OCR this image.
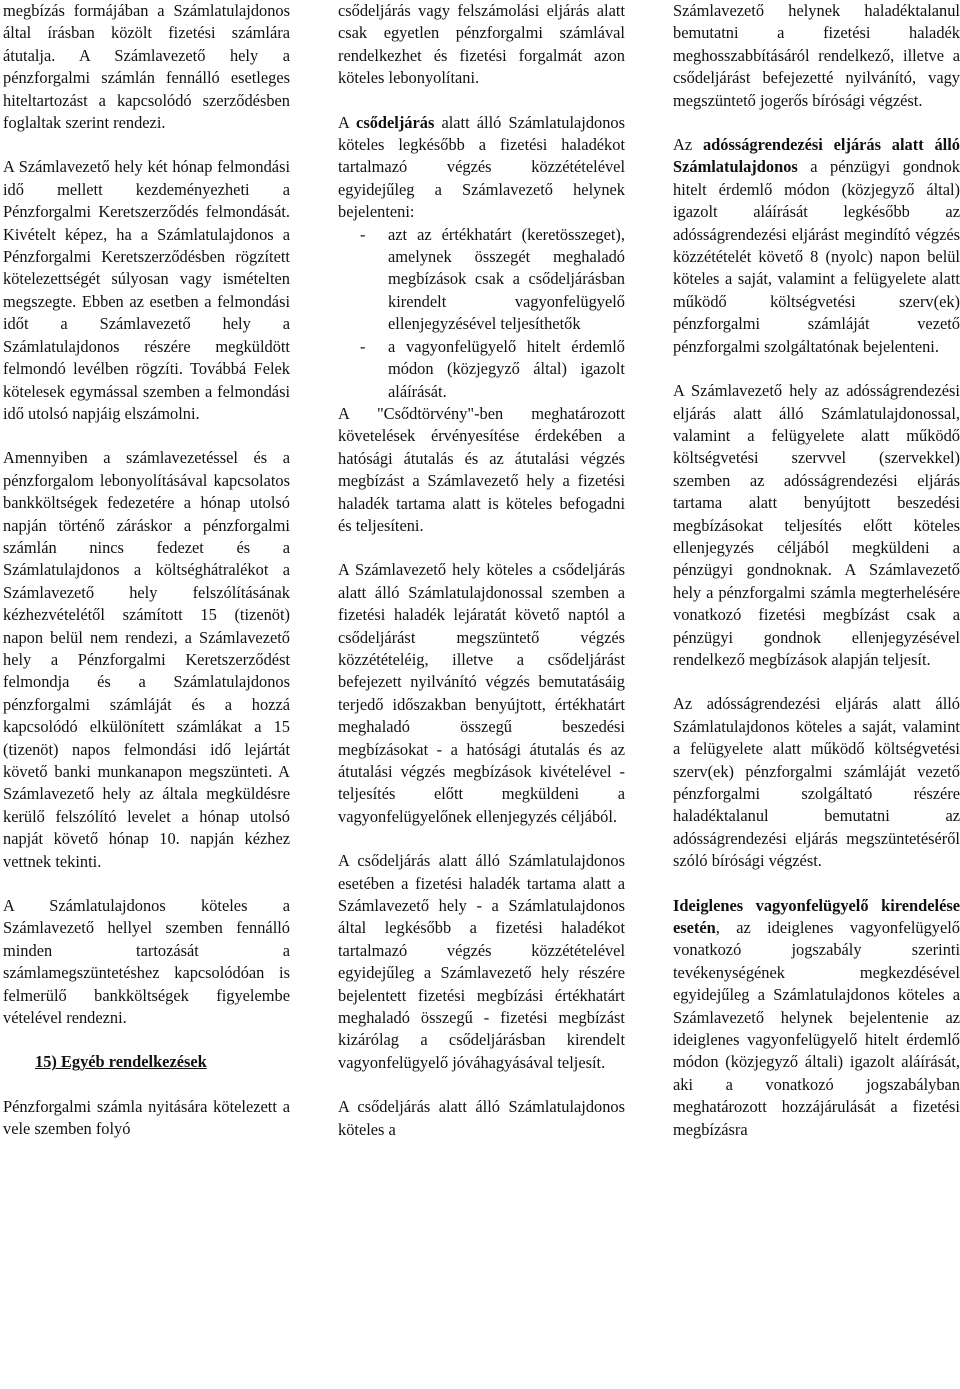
megbízás formájában a Számlatulajdonos által írásban közölt fizetési számlára átutalja. A Számlavezető hely a pénzforgalmi számlán fennálló esetleges hiteltartozást a kapcsolódó szerződésben foglaltak szerint rendezi.

A Számlavezető hely két hónap felmondási idő mellett kezdeményezheti a Pénzforgalmi Keretszerződés felmondását. Kivételt képez, ha a Számlatulajdonos a Pénzforgalmi Keretszerződésben rögzített kötelezettségét súlyosan vagy ismételten megszegte. Ebben az esetben a felmondási időt a Számlavezető hely a Számlatulajdonos részére megküldött felmondó levélben rögzíti. Továbbá Felek kötelesek egymással szemben a felmondási idő utolsó napjáig elszámolni.

Amennyiben a számlavezetéssel és a pénzforgalom lebonyolításával kapcsolatos bankköltségek fedezetére a hónap utolsó napján történő záráskor a pénzforgalmi számlán nincs fedezet és a Számlatulajdonos a költséghátralékot a Számlavezető hely felszólításának kézhezvételétől számított 15 (tizenöt) napon belül nem rendezi, a Számlavezető hely a Pénzforgalmi Keretszerződést felmondja és a Számlatulajdonos pénzforgalmi számláját és a hozzá kapcsolódó elkülönített számlákat a 15 (tizenöt) napos felmondási idő lejártát követő banki munkanapon megszünteti. A Számlavezető hely az általa megküldésre kerülő felszólító levelet a hónap utolsó napját követő hónap 10. napján kézhez vettnek tekinti.

A Számlatulajdonos köteles a Számlavezető hellyel szemben fennálló minden tartozását a számlamegszüntetéshez kapcsolódóan is felmerülő bankköltségek figyelembe vételével rendezni.

15) Egyéb rendelkezések

Pénzforgalmi számla nyitására kötelezett a vele szemben folyó

csődeljárás vagy felszámolási eljárás alatt csak egyetlen pénzforgalmi számlával rendelkezhet és fizetési forgalmát azon köteles lebonyolítani.

A csődeljárás alatt álló Számlatulajdonos köteles legkésőbb a fizetési haladékot tartalmazó végzés közzétételével egyidejűleg a Számlavezető helynek bejelenteni:

- azt az értékhatárt (keretösszeget), amelynek összegét meghaladó megbízások csak a csődeljárásban kirendelt vagyonfelügyelő ellenjegyzésével teljesíthetők
- a vagyonfelügyelő hitelt érdemlő módon (közjegyző által) igazolt aláírását.

A "Csődtörvény"-ben meghatározott követelések érvényesítése érdekében a hatósági átutalás és az átutalási végzés megbízást a Számlavezető hely a fizetési haladék tartama alatt is köteles befogadni és teljesíteni.

A Számlavezető hely köteles a csődeljárás alatt álló Számlatulajdonossal szemben a fizetési haladék lejáratát követő naptól a csődeljárást megszüntető végzés közzétételéig, illetve a csődeljárást befejezett nyilvánító végzés bemutatásáig terjedő időszakban benyújtott, értékhatárt meghaladó összegű beszedési megbízásokat - a hatósági átutalás és az átutalási végzés megbízások kivételével - teljesítés előtt megküldeni a vagyonfelügyelőnek ellenjegyzés céljából.

A csődeljárás alatt álló Számlatulajdonos esetében a fizetési haladék tartama alatt a Számlavezető hely - a Számlatulajdonos által legkésőbb a fizetési haladékot tartalmazó végzés közzétételével egyidejűleg a Számlavezető hely részére bejelentett fizetési megbízási értékhatárt meghaladó összegű - fizetési megbízást kizárólag a csődeljárásban kirendelt vagyonfelügyelő jóváhagyásával teljesít.

A csődeljárás alatt álló Számlatulajdonos köteles a

Számlavezető helynek haladéktalanul bemutatni a fizetési haladék meghosszabbításáról rendelkező, illetve a csődeljárást befejezetté nyilvánító, vagy megszüntető jogerős bírósági végzést.

Az adósságrendezési eljárás alatt álló Számlatulajdonos a pénzügyi gondnok hitelt érdemlő módon (közjegyző által) igazolt aláírását legkésőbb az adósságrendezési eljárást megindító végzés közzétételét követő 8 (nyolc) napon belül köteles a saját, valamint a felügyelete alatt működő költségvetési szerv(ek) pénzforgalmi számláját vezető pénzforgalmi szolgáltatónak bejelenteni.

A Számlavezető hely az adósságrendezési eljárás alatt álló Számlatulajdonossal, valamint a felügyelete alatt működő költségvetési szervvel (szervekkel) szemben az adósságrendezési eljárás tartama alatt benyújtott beszedési megbízásokat teljesítés előtt köteles ellenjegyzés céljából megküldeni a pénzügyi gondnoknak. A Számlavezető hely a pénzforgalmi számla megterhelésére vonatkozó fizetési megbízást csak a pénzügyi gondnok ellenjegyzésével rendelkező megbízások alapján teljesít.

Az adósságrendezési eljárás alatt álló Számlatulajdonos köteles a saját, valamint a felügyelete alatt működő költségvetési szerv(ek) pénzforgalmi számláját vezető pénzforgalmi szolgáltató részére haladéktalanul bemutatni az adósságrendezési eljárás megszüntetéséről szóló bírósági végzést.

Ideiglenes vagyonfelügyelő kirendelése esetén, az ideiglenes vagyonfelügyelő vonatkozó jogszabály szerinti tevékenységének megkezdésével egyidejűleg a Számlatulajdonos köteles a Számlavezető helynek bejelentenie az ideiglenes vagyonfelügyelő hitelt érdemlő módon (közjegyző általi) igazolt aláírását, aki a vonatkozó jogszabályban meghatározott hozzájárulását a fizetési megbízásra
